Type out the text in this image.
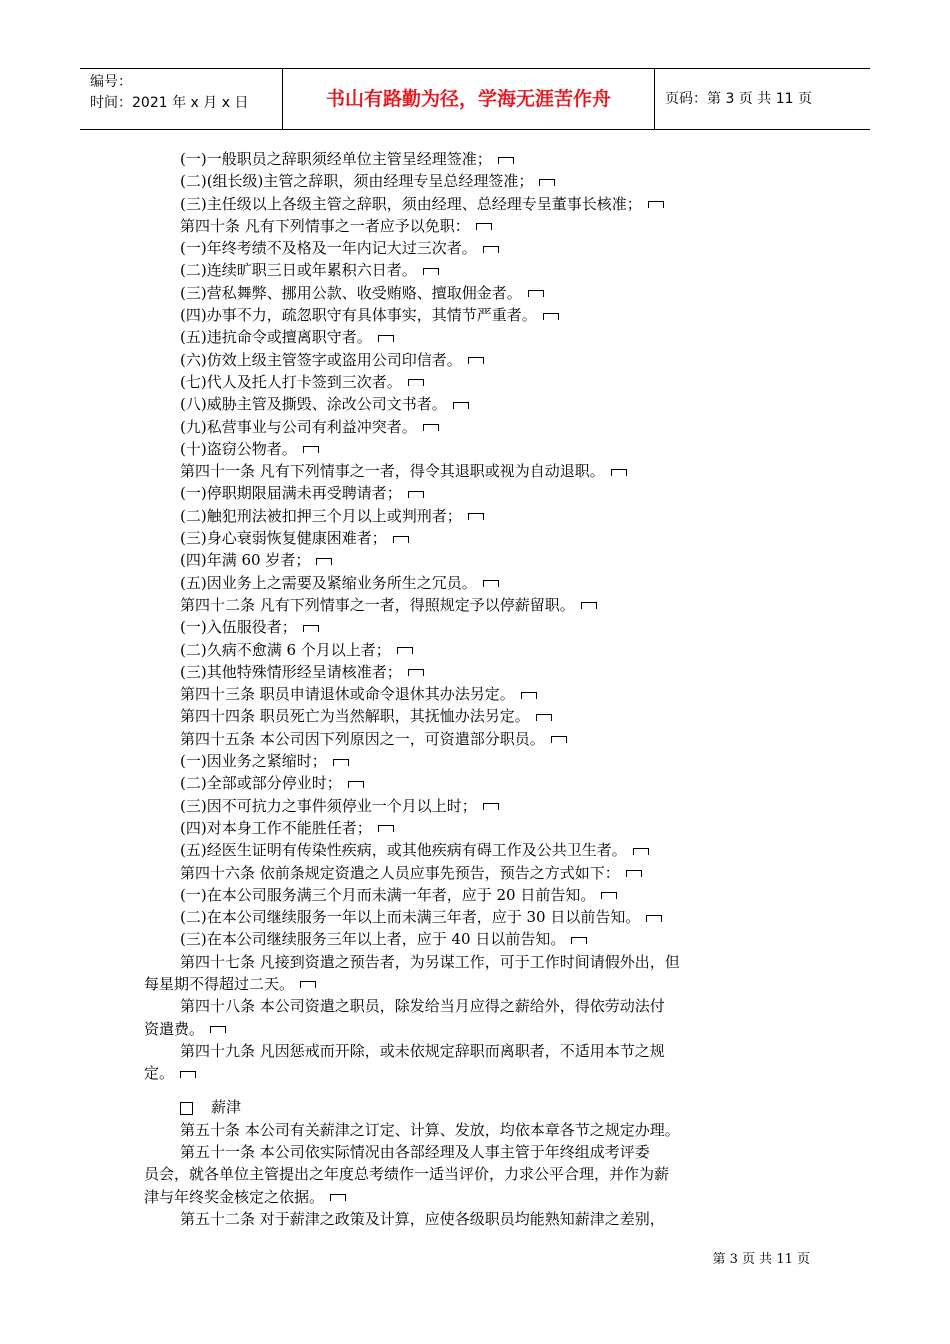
编号：
时间：2021 年 x 月 x 日	书山有路勤为径，学海无涯苦作舟	页码：第 3 页 共 11 页
(一)一般职员之辞职须经单位主管呈经理签准；
(二)(组长级)主管之辞职，须由经理专呈总经理签准；
(三)主任级以上各级主管之辞职，须由经理、总经理专呈董事长核准；
第四十条 凡有下列情事之一者应予以免职：
(一)年终考绩不及格及一年内记大过三次者。
(二)连续旷职三日或年累积六日者。
(三)营私舞弊、挪用公款、收受贿赂、擅取佣金者。
(四)办事不力，疏忽职守有具体事实，其情节严重者。
(五)违抗命令或擅离职守者。
(六)仿效上级主管签字或盗用公司印信者。
(七)代人及托人打卡签到三次者。
(八)威胁主管及撕毁、涂改公司文书者。
(九)私营事业与公司有利益冲突者。
(十)盗窃公物者。
第四十一条 凡有下列情事之一者，得令其退职或视为自动退职。
(一)停职期限届满未再受聘请者；
(二)触犯刑法被扣押三个月以上或判刑者；
(三)身心衰弱恢复健康困难者；
(四)年满 60 岁者；
(五)因业务上之需要及紧缩业务所生之冗员。
第四十二条 凡有下列情事之一者，得照规定予以停薪留职。
(一)入伍服役者；
(二)久病不愈满 6 个月以上者；
(三)其他特殊情形经呈请核准者；
第四十三条 职员申请退休或命令退休其办法另定。
第四十四条 职员死亡为当然解职，其抚恤办法另定。
第四十五条 本公司因下列原因之一，可资遣部分职员。
(一)因业务之紧缩时；
(二)全部或部分停业时；
(三)因不可抗力之事件须停业一个月以上时；
(四)对本身工作不能胜任者；
(五)经医生证明有传染性疾病，或其他疾病有碍工作及公共卫生者。
第四十六条 依前条规定资遣之人员应事先预告，预告之方式如下：
(一)在本公司服务满三个月而未满一年者，应于 20 日前告知。
(二)在本公司继续服务一年以上而未满三年者，应于 30 日以前告知。
(三)在本公司继续服务三年以上者，应于 40 日以前告知。
第四十七条 凡接到资遣之预告者，为另谋工作，可于工作时间请假外出，但
每星期不得超过二天。
第四十八条 本公司资遣之职员，除发给当月应得之薪给外，得依劳动法付
资遣费。
第四十九条 凡因惩戒而开除，或未依规定辞职而离职者，不适用本节之规
定。
薪津
第五十条 本公司有关薪津之订定、计算、发放，均依本章各节之规定办理。
第五十一条 本公司依实际情况由各部经理及人事主管于年终组成考评委
员会，就各单位主管提出之年度总考绩作一适当评价，力求公平合理，并作为薪
津与年终奖金核定之依据。
第五十二条 对于薪津之政策及计算，应使各级职员均能熟知薪津之差别，
第 3 页 共 11 页
